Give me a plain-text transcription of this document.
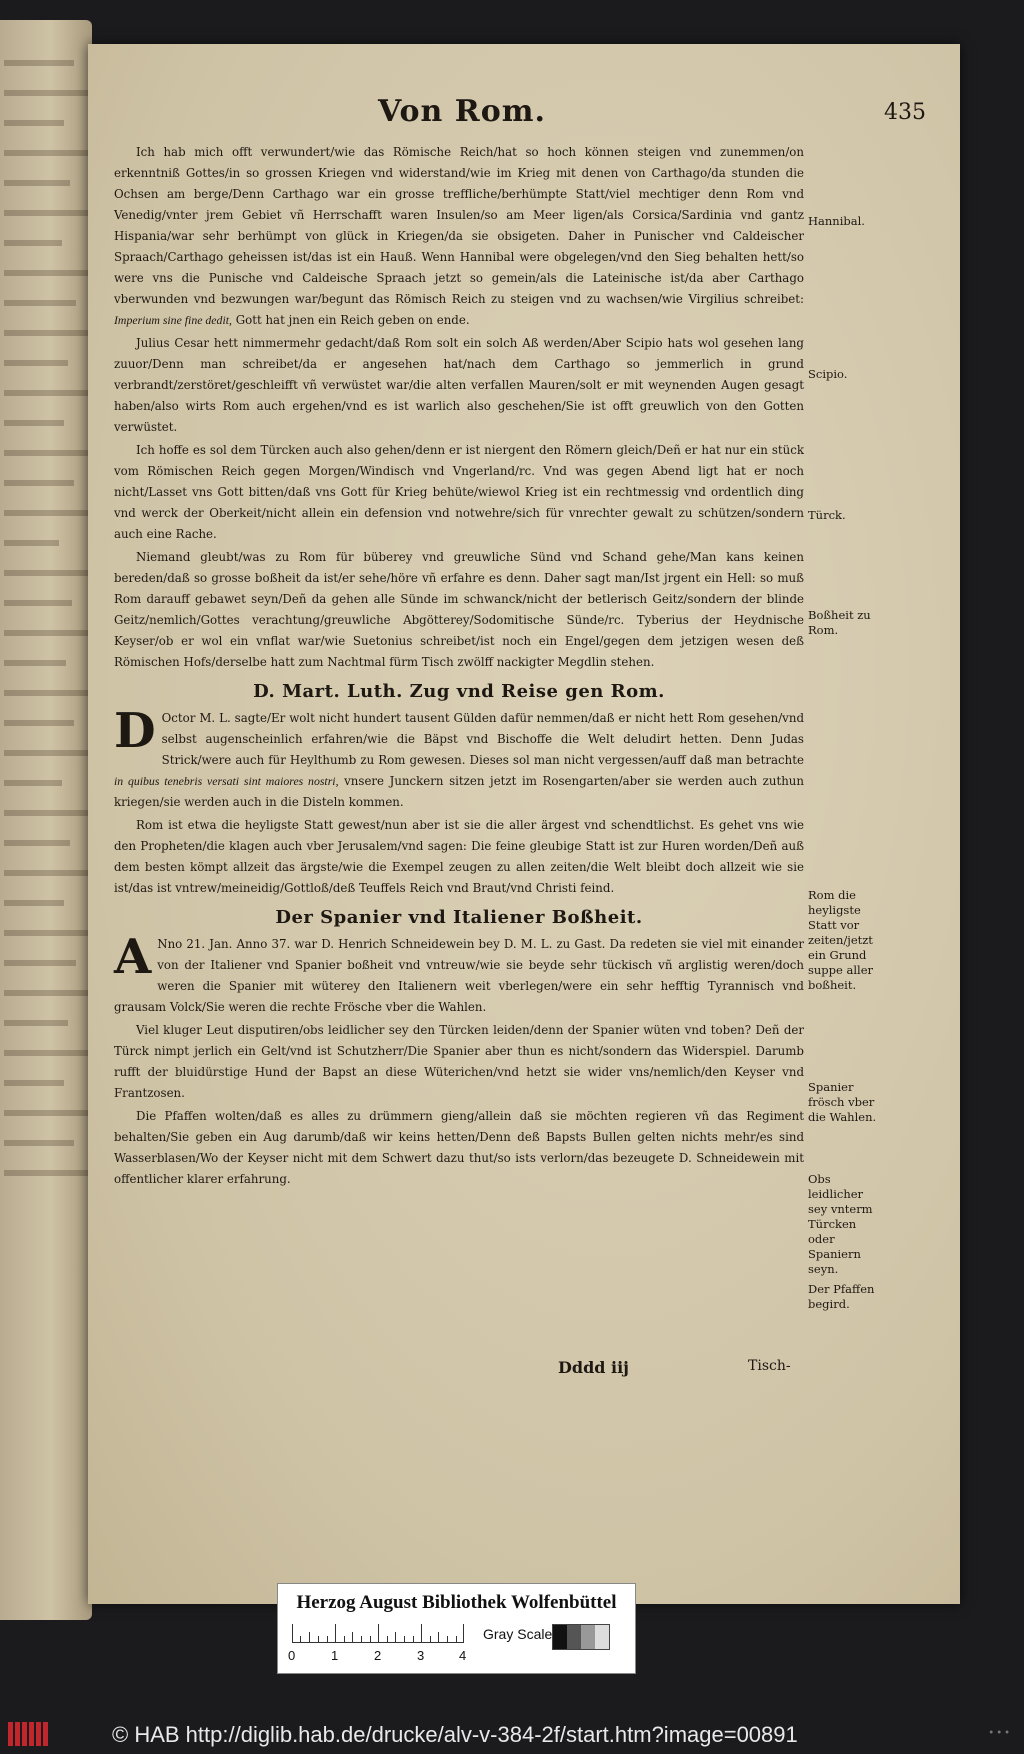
Von Rom.	435

Ich hab mich offt verwundert/wie das Römische Reich/hat so hoch können steigen vnd zunemmen/on erkenntniß Gottes/in so grossen Kriegen vnd widerstand/wie im Krieg mit denen von Carthago/da stunden die Ochsen am berge/Denn Carthago war ein grosse treffliche/berhümpte Statt/viel mechtiger denn Rom vnd Venedig/vnter jrem Gebiet vñ Herrschafft waren Insulen/so am Meer ligen/als Corsica/Sardinia vnd gantz Hispania/war sehr berhümpt von glück in Kriegen/da sie obsigeten. Daher in Punischer vnd Caldeischer Spraach/Carthago geheissen ist/das ist ein Hauß. Wenn Hannibal were obgelegen/vnd den Sieg behalten hett/so were vns die Punische vnd Caldeische Spraach jetzt so gemein/als die Lateinische ist/da aber Carthago vberwunden vnd bezwungen war/begunt das Römisch Reich zu steigen vnd zu wachsen/wie Virgilius schreibet: Imperium sine fine dedit, Gott hat jnen ein Reich geben on ende.

Julius Cesar hett nimmermehr gedacht/daß Rom solt ein solch Aß werden/Aber Scipio hats wol gesehen lang zuuor/Denn man schreibet/da er angesehen hat/nach dem Carthago so jemmerlich in grund verbrandt/zerstöret/geschleifft vñ verwüstet war/die alten verfallen Mauren/solt er mit weynenden Augen gesagt haben/also wirts Rom auch ergehen/vnd es ist warlich also geschehen/Sie ist offt greuwlich von den Gotten verwüstet.

Ich hoffe es sol dem Türcken auch also gehen/denn er ist niergent den Römern gleich/Deñ er hat nur ein stück vom Römischen Reich gegen Morgen/Windisch vnd Vngerland/rc. Vnd was gegen Abend ligt hat er noch nicht/Lasset vns Gott bitten/daß vns Gott für Krieg behüte/wiewol Krieg ist ein rechtmessig vnd ordentlich ding vnd werck der Oberkeit/nicht allein ein defension vnd notwehre/sich für vnrechter gewalt zu schützen/sondern auch eine Rache.

Niemand gleubt/was zu Rom für büberey vnd greuwliche Sünd vnd Schand gehe/Man kans keinen bereden/daß so grosse boßheit da ist/er sehe/höre vñ erfahre es denn. Daher sagt man/Ist jrgent ein Hell: so muß Rom darauff gebawet seyn/Deñ da gehen alle Sünde im schwanck/nicht der betlerisch Geitz/sondern der blinde Geitz/nemlich/Gottes verachtung/greuwliche Abgötterey/Sodomitische Sünde/rc. Tyberius der Heydnische Keyser/ob er wol ein vnflat war/wie Suetonius schreibet/ist noch ein Engel/gegen dem jetzigen wesen deß Römischen Hofs/derselbe hatt zum Nachtmal fürm Tisch zwölff nackigter Megdlin stehen.

D. Mart. Luth. Zug vnd Reise gen Rom.

D Octor M. L. sagte/Er wolt nicht hundert tausent Gülden dafür nemmen/daß er nicht hett Rom gesehen/vnd selbst augenscheinlich erfahren/wie die Bäpst vnd Bischoffe die Welt deludirt hetten. Denn Judas Strick/were auch für Heylthumb zu Rom gewesen. Dieses sol man nicht vergessen/auff daß man betrachte in quibus tenebris versati sint maiores nostri, vnsere Junckern sitzen jetzt im Rosengarten/aber sie werden auch zuthun kriegen/sie werden auch in die Disteln kommen.

Rom ist etwa die heyligste Statt gewest/nun aber ist sie die aller ärgest vnd schendtlichst. Es gehet vns wie den Propheten/die klagen auch vber Jerusalem/vnd sagen: Die feine gleubige Statt ist zur Huren worden/Deñ auß dem besten kömpt allzeit das ärgste/wie die Exempel zeugen zu allen zeiten/die Welt bleibt doch allzeit wie sie ist/das ist vntrew/meineidig/Gottloß/deß Teuffels Reich vnd Braut/vnd Christi feind.

Der Spanier vnd Italiener Boßheit.

A Nno 21. Jan. Anno 37. war D. Henrich Schneidewein bey D. M. L. zu Gast. Da redeten sie viel mit einander von der Italiener vnd Spanier boßheit vnd vntreuw/wie sie beyde sehr tückisch vñ arglistig weren/doch weren die Spanier mit wüterey den Italienern weit vberlegen/were ein sehr hefftig Tyrannisch vnd grausam Volck/Sie weren die rechte Frösche vber die Wahlen.

Viel kluger Leut disputiren/obs leidlicher sey den Türcken leiden/denn der Spanier wüten vnd toben? Deñ der Türck nimpt jerlich ein Gelt/vnd ist Schutzherr/Die Spanier aber thun es nicht/sondern das Widerspiel. Darumb rufft der bluidürstige Hund der Bapst an diese Wüterichen/vnd hetzt sie wider vns/nemlich/den Keyser vnd Frantzosen.

Die Pfaffen wolten/daß es alles zu drümmern gieng/allein daß sie möchten regieren vñ das Regiment behalten/Sie geben ein Aug darumb/daß wir keins hetten/Denn deß Bapsts Bullen gelten nichts mehr/es sind Wasserblasen/Wo der Keyser nicht mit dem Schwert dazu thut/so ists verlorn/das bezeugete D. Schneidewein mit offentlicher klarer erfahrung.

Hannibal.
Scipio.
Türck.
Boßheit zu Rom.
Rom die heyligste Statt vor zeiten/jetzt ein Grund suppe aller boßheit.
Spanier frösch vber die Wahlen.
Obs leidlicher sey vnterm Türcken oder Spaniern seyn.
Der Pfaffen begird.
Dddd iij	Tisch-
Herzog August Bibliothek Wolfenbüttel
0	1	2	3	4
Gray Scale
© HAB http://diglib.hab.de/drucke/alv-v-384-2f/start.htm?image=00891	•••
